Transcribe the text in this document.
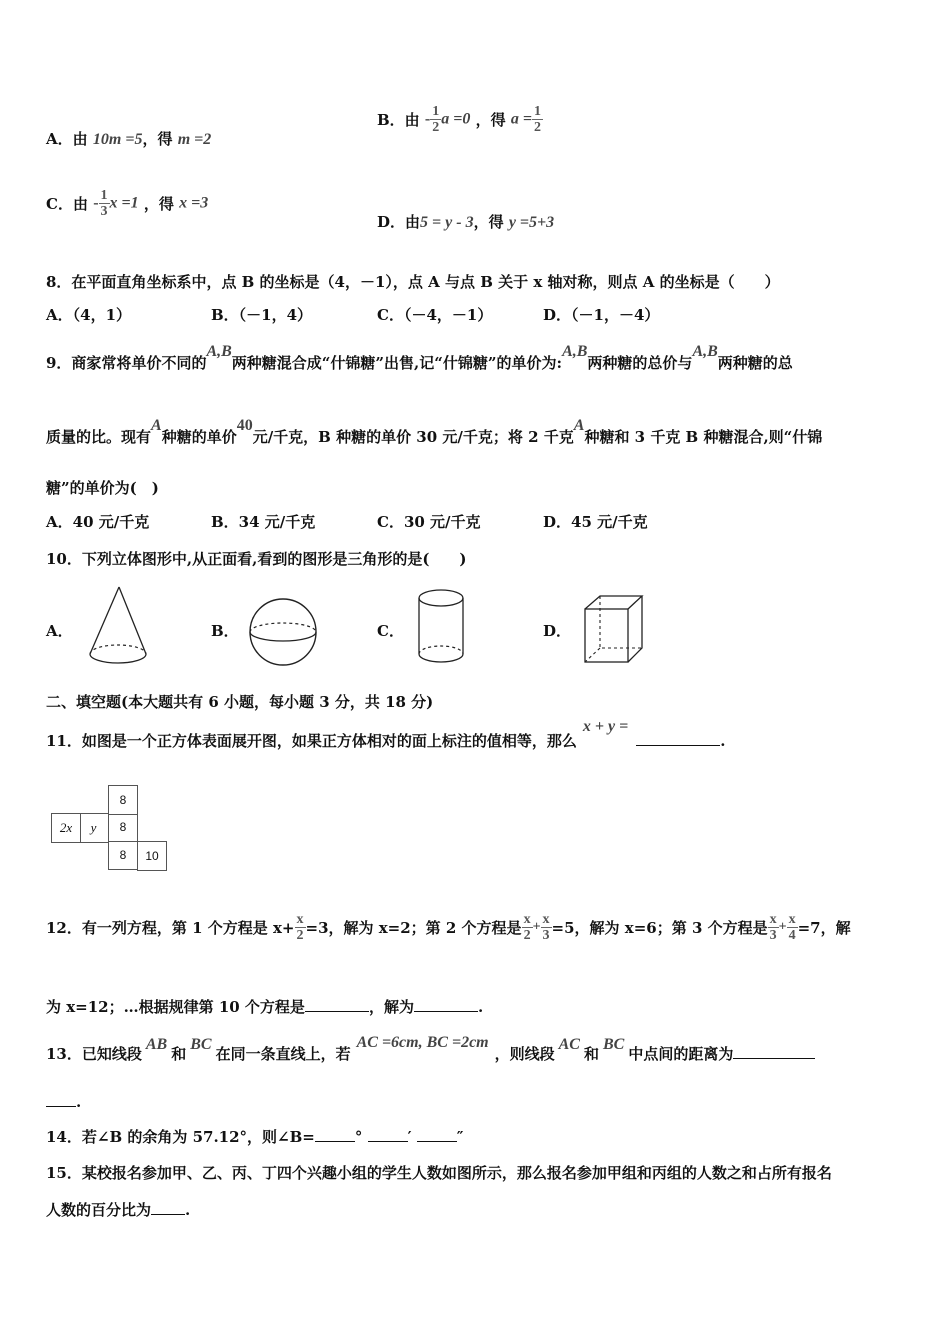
A．由 10m =5，得 m =2
B．由 - $\frac{1}{2}$ a =0 ，得 $a = \frac{1}{2}$
C．由 - $\frac{1}{3}$ x =1 ，得 x =3
D．由5 = y - 3，得 y =5+3
8．在平面直角坐标系中，点 B 的坐标是（4，－1），点 A 与点 B 关于 x 轴对称，则点 A 的坐标是（　　）
A．（4，1）	B．（－1，4）	C．（－4，－1）	D．（－1，－4）
9．商家常将单价不同的A,B两种糖混合成“什锦糖”出售,记“什锦糖”的单价为:A,B两种糖的总价与A,B两种糖的总
质量的比。现有A种糖的单价40元/千克，B 种糖的单价 30 元/千克；将 2 千克A种糖和 3 千克 B 种糖混合,则“什锦
糖”的单价为(　)
A．40 元/千克	B．34 元/千克	C．30 元/千克	D．45 元/千克
10．下列立体图形中,从正面看,看到的图形是三角形的是(　　)
A．	B．	C．	D．
二、填空题(本大题共有 6 小题，每小题 3 分，共 18 分)
11．如图是一个正方体表面展开图，如果正方体相对的面上标注的值相等，那么x + y =.
8
2x	y	8
8	10
12．有一列方程，第 1 个方程是 $x+ \frac{x}{2} =3$，解为 x=2；第 2 个方程是 $\frac{x}{2} + \frac{x}{3} =5$，解为 x=6；第 3 个方程是 $\frac{x}{3} + \frac{x}{4} =7$，解
为 x=12；…根据规律第 10 个方程是	，解为	.
13．已知线段AB和BC在同一条直线上，若AC =6cm, BC =2cm，则线段AC和BC中点间的距离为
.
14．若∠B 的余角为 57.12°，则∠B=	°	′	″
15．某校报名参加甲、乙、丙、丁四个兴趣小组的学生人数如图所示，那么报名参加甲组和丙组的人数之和占所有报名
人数的百分比为 .
